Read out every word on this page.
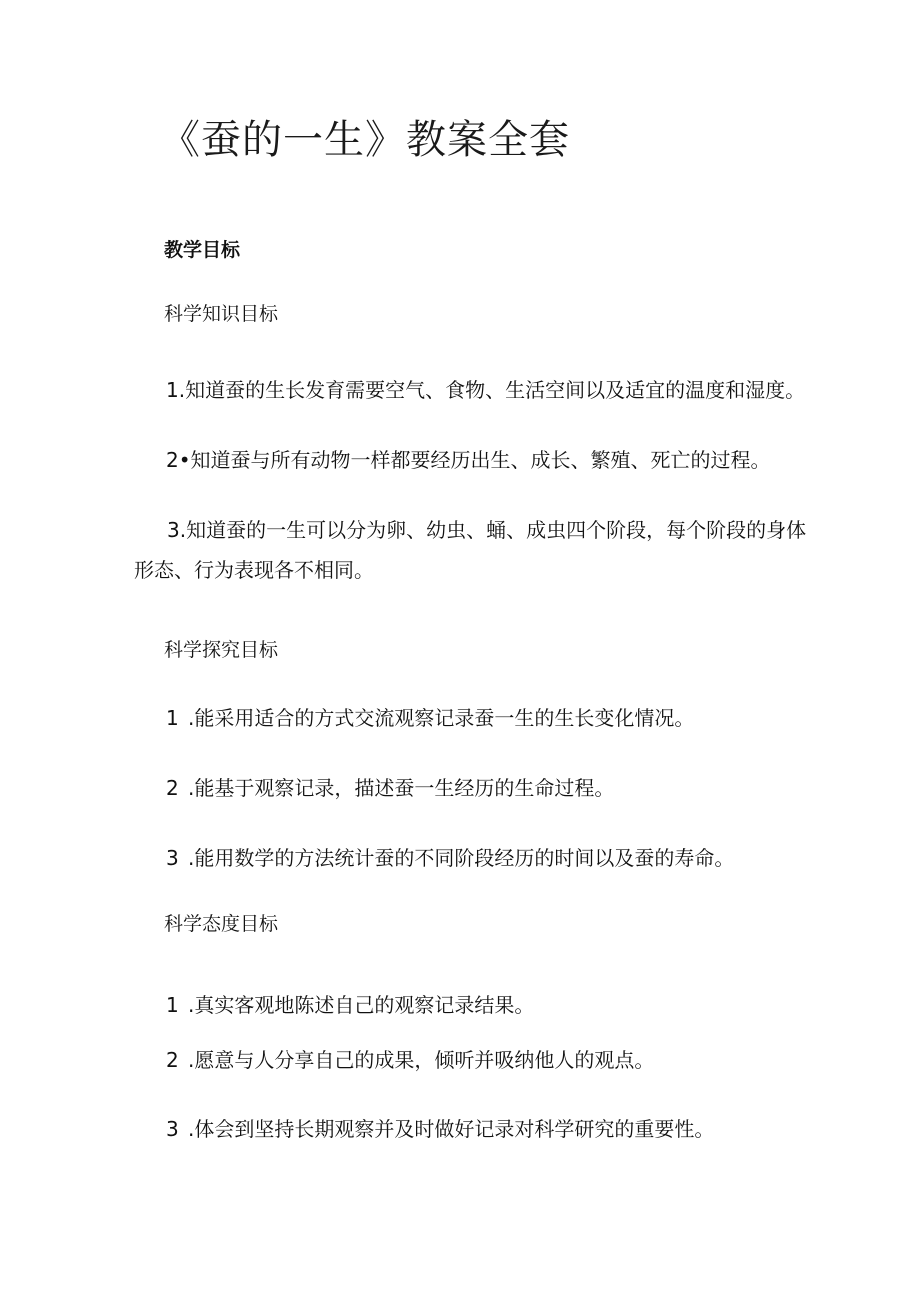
《蚕的一生》教案全套
教学目标
科学知识目标
1.知道蚕的生长发育需要空气、食物、生活空间以及适宜的温度和湿度。
2•知道蚕与所有动物一样都要经历出生、成长、繁殖、死亡的过程。
3.知道蚕的一生可以分为卵、幼虫、蛹、成虫四个阶段，每个阶段的身体形态、行为表现各不相同。
科学探究目标
1 .能采用适合的方式交流观察记录蚕一生的生长变化情况。
2 .能基于观察记录，描述蚕一生经历的生命过程。
3 .能用数学的方法统计蚕的不同阶段经历的时间以及蚕的寿命。
科学态度目标
1 .真实客观地陈述自己的观察记录结果。
2 .愿意与人分享自己的成果，倾听并吸纳他人的观点。
3 .体会到坚持长期观察并及时做好记录对科学研究的重要性。
